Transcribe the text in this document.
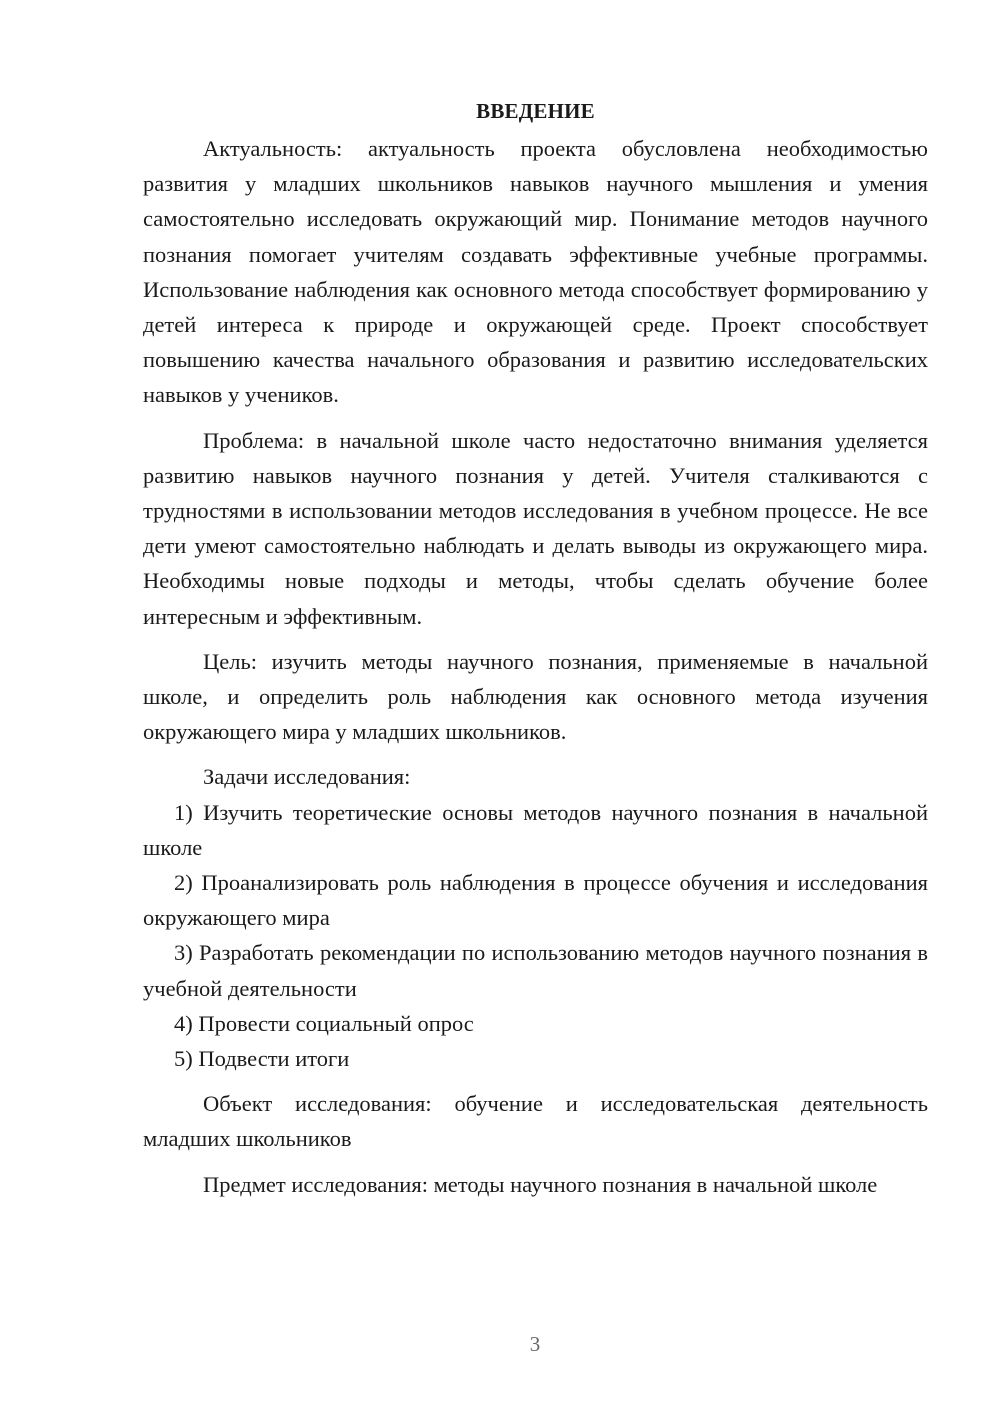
ВВЕДЕНИЕ

Актуальность: актуальность проекта обусловлена необходимостью развития у младших школьников навыков научного мышления и умения самостоятельно исследовать окружающий мир. Понимание методов научного познания помогает учителям создавать эффективные учебные программы. Использование наблюдения как основного метода способствует формированию у детей интереса к природе и окружающей среде. Проект способствует повышению качества начального образования и развитию исследовательских навыков у учеников.

Проблема: в начальной школе часто недостаточно внимания уделяется развитию навыков научного познания у детей. Учителя сталкиваются с трудностями в использовании методов исследования в учебном процессе. Не все дети умеют самостоятельно наблюдать и делать выводы из окружающего мира. Необходимы новые подходы и методы, чтобы сделать обучение более интересным и эффективным.

Цель: изучить методы научного познания, применяемые в начальной школе, и определить роль наблюдения как основного метода изучения окружающего мира у младших школьников.

Задачи исследования:

1) Изучить теоретические основы методов научного познания в начальной школе

2) Проанализировать роль наблюдения в процессе обучения и исследования окружающего мира

3) Разработать рекомендации по использованию методов научного познания в учебной деятельности

4) Провести социальный опрос

5) Подвести итоги

Объект исследования: обучение и исследовательская деятельность младших школьников

Предмет исследования: методы научного познания в начальной школе

3
